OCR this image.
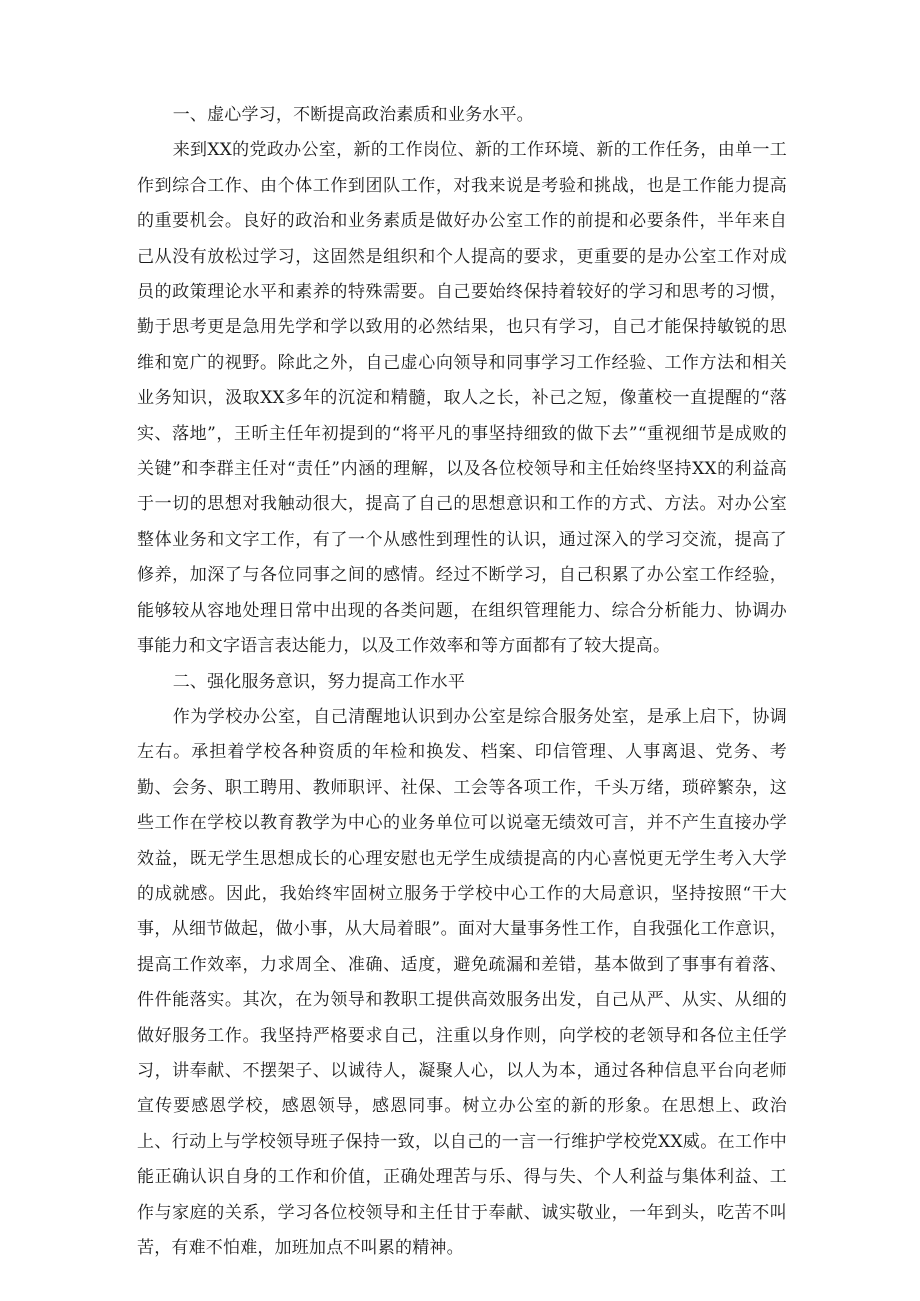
一、虚心学习，不断提高政治素质和业务水平。

来到XX的党政办公室，新的工作岗位、新的工作环境、新的工作任务，由单一工作到综合工作、由个体工作到团队工作，对我来说是考验和挑战，也是工作能力提高的重要机会。良好的政治和业务素质是做好办公室工作的前提和必要条件，半年来自己从没有放松过学习，这固然是组织和个人提高的要求，更重要的是办公室工作对成员的政策理论水平和素养的特殊需要。自己要始终保持着较好的学习和思考的习惯，勤于思考更是急用先学和学以致用的必然结果，也只有学习，自己才能保持敏锐的思维和宽广的视野。除此之外，自己虚心向领导和同事学习工作经验、工作方法和相关业务知识，汲取XX多年的沉淀和精髓，取人之长，补己之短，像董校一直提醒的“落实、落地”，王昕主任年初提到的“将平凡的事坚持细致的做下去”“重视细节是成败的关键”和李群主任对“责任”内涵的理解，以及各位校领导和主任始终坚持XX的利益高于一切的思想对我触动很大，提高了自己的思想意识和工作的方式、方法。对办公室整体业务和文字工作，有了一个从感性到理性的认识，通过深入的学习交流，提高了修养，加深了与各位同事之间的感情。经过不断学习，自己积累了办公室工作经验，能够较从容地处理日常中出现的各类问题，在组织管理能力、综合分析能力、协调办事能力和文字语言表达能力，以及工作效率和等方面都有了较大提高。

二、强化服务意识，努力提高工作水平

作为学校办公室，自己清醒地认识到办公室是综合服务处室，是承上启下，协调左右。承担着学校各种资质的年检和换发、档案、印信管理、人事离退、党务、考勤、会务、职工聘用、教师职评、社保、工会等各项工作，千头万绪，琐碎繁杂，这些工作在学校以教育教学为中心的业务单位可以说毫无绩效可言，并不产生直接办学效益，既无学生思想成长的心理安慰也无学生成绩提高的内心喜悦更无学生考入大学的成就感。因此，我始终牢固树立服务于学校中心工作的大局意识，坚持按照“干大事，从细节做起，做小事，从大局着眼”。面对大量事务性工作，自我强化工作意识，提高工作效率，力求周全、准确、适度，避免疏漏和差错，基本做到了事事有着落、件件能落实。其次，在为领导和教职工提供高效服务出发，自己从严、从实、从细的做好服务工作。我坚持严格要求自己，注重以身作则，向学校的老领导和各位主任学习，讲奉献、不摆架子、以诚待人，凝聚人心，以人为本，通过各种信息平台向老师宣传要感恩学校，感恩领导，感恩同事。树立办公室的新的形象。在思想上、政治上、行动上与学校领导班子保持一致，以自己的一言一行维护学校党XX威。在工作中能正确认识自身的工作和价值，正确处理苦与乐、得与失、个人利益与集体利益、工作与家庭的关系，学习各位校领导和主任甘于奉献、诚实敬业，一年到头，吃苦不叫苦，有难不怕难，加班加点不叫累的精神。
